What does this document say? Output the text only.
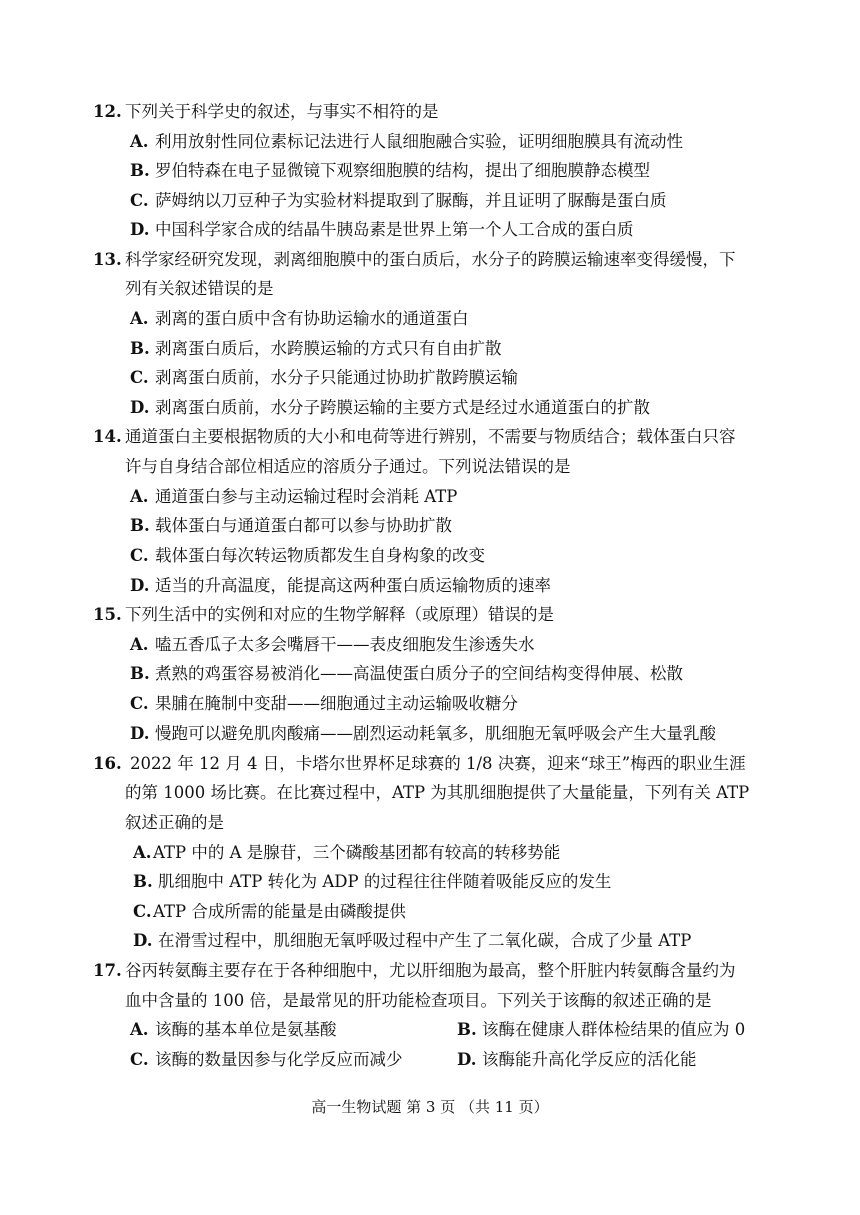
12. 下列关于科学史的叙述，与事实不相符的是
A. 利用放射性同位素标记法进行人鼠细胞融合实验，证明细胞膜具有流动性
B. 罗伯特森在电子显微镜下观察细胞膜的结构，提出了细胞膜静态模型
C. 萨姆纳以刀豆种子为实验材料提取到了脲酶，并且证明了脲酶是蛋白质
D. 中国科学家合成的结晶牛胰岛素是世界上第一个人工合成的蛋白质
13. 科学家经研究发现，剥离细胞膜中的蛋白质后，水分子的跨膜运输速率变得缓慢，下
列有关叙述错误的是
A. 剥离的蛋白质中含有协助运输水的通道蛋白
B. 剥离蛋白质后，水跨膜运输的方式只有自由扩散
C. 剥离蛋白质前，水分子只能通过协助扩散跨膜运输
D. 剥离蛋白质前，水分子跨膜运输的主要方式是经过水通道蛋白的扩散
14. 通道蛋白主要根据物质的大小和电荷等进行辨别，不需要与物质结合；载体蛋白只容
许与自身结合部位相适应的溶质分子通过。下列说法错误的是
A. 通道蛋白参与主动运输过程时会消耗 ATP
B. 载体蛋白与通道蛋白都可以参与协助扩散
C. 载体蛋白每次转运物质都发生自身构象的改变
D. 适当的升高温度，能提高这两种蛋白质运输物质的速率
15. 下列生活中的实例和对应的生物学解释（或原理）错误的是
A. 嗑五香瓜子太多会嘴唇干——表皮细胞发生渗透失水
B. 煮熟的鸡蛋容易被消化——高温使蛋白质分子的空间结构变得伸展、松散
C. 果脯在腌制中变甜——细胞通过主动运输吸收糖分
D. 慢跑可以避免肌肉酸痛——剧烈运动耗氧多，肌细胞无氧呼吸会产生大量乳酸
16. 2022 年 12 月 4 日，卡塔尔世界杯足球赛的 1/8 决赛，迎来“球王”梅西的职业生涯
的第 1000 场比赛。在比赛过程中，ATP 为其肌细胞提供了大量能量，下列有关 ATP
叙述正确的是
A. ATP 中的 A 是腺苷，三个磷酸基团都有较高的转移势能
B. 肌细胞中 ATP 转化为 ADP 的过程往往伴随着吸能反应的发生
C. ATP 合成所需的能量是由磷酸提供
D. 在滑雪过程中，肌细胞无氧呼吸过程中产生了二氧化碳，合成了少量 ATP
17. 谷丙转氨酶主要存在于各种细胞中，尤以肝细胞为最高，整个肝脏内转氨酶含量约为
血中含量的 100 倍，是最常见的肝功能检查项目。下列关于该酶的叙述正确的是
A. 该酶的基本单位是氨基酸	B. 该酶在健康人群体检结果的值应为 0
C. 该酶的数量因参与化学反应而减少	D. 该酶能升高化学反应的活化能
高一生物试题 第 3 页 （共 11 页）
